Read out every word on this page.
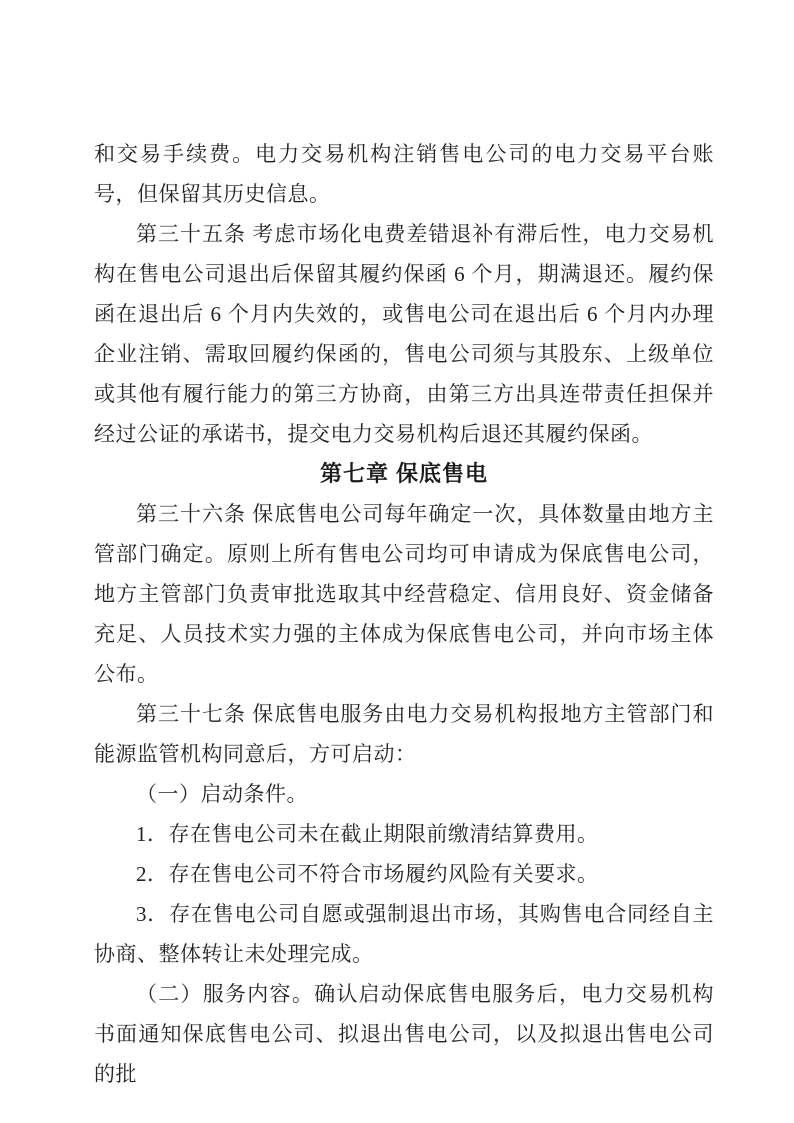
和交易手续费。电力交易机构注销售电公司的电力交易平台账号，但保留其历史信息。

第三十五条 考虑市场化电费差错退补有滞后性，电力交易机构在售电公司退出后保留其履约保函 6 个月，期满退还。履约保函在退出后 6 个月内失效的，或售电公司在退出后 6 个月内办理企业注销、需取回履约保函的，售电公司须与其股东、上级单位或其他有履行能力的第三方协商，由第三方出具连带责任担保并经过公证的承诺书，提交电力交易机构后退还其履约保函。

第七章 保底售电

第三十六条 保底售电公司每年确定一次，具体数量由地方主管部门确定。原则上所有售电公司均可申请成为保底售电公司，地方主管部门负责审批选取其中经营稳定、信用良好、资金储备充足、人员技术实力强的主体成为保底售电公司，并向市场主体公布。

第三十七条 保底售电服务由电力交易机构报地方主管部门和能源监管机构同意后，方可启动：

（一）启动条件。

1．存在售电公司未在截止期限前缴清结算费用。

2．存在售电公司不符合市场履约风险有关要求。

3．存在售电公司自愿或强制退出市场，其购售电合同经自主协商、整体转让未处理完成。

（二）服务内容。确认启动保底售电服务后，电力交易机构书面通知保底售电公司、拟退出售电公司，以及拟退出售电公司的批
